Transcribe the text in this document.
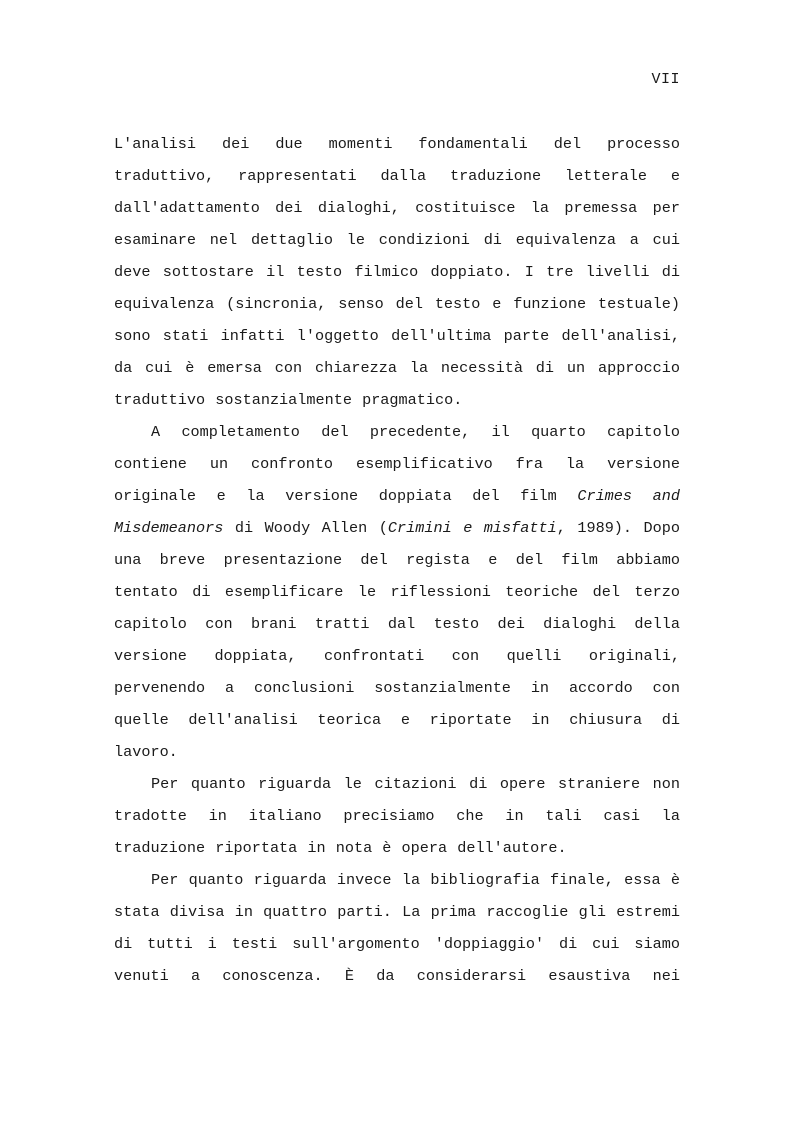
VII

L'analisi dei due momenti fondamentali del processo traduttivo, rappresentati dalla traduzione letterale e dall'adattamento dei dialoghi, costituisce la premessa per esaminare nel dettaglio le condizioni di equivalenza a cui deve sottostare il testo filmico doppiato. I tre livelli di equivalenza (sincronia, senso del testo e funzione testuale) sono stati infatti l'oggetto dell'ultima parte dell'analisi, da cui è emersa con chiarezza la necessità di un approccio traduttivo sostanzialmente pragmatico.

A completamento del precedente, il quarto capitolo contiene un confronto esemplificativo fra la versione originale e la versione doppiata del film Crimes and Misdemeanors di Woody Allen (Crimini e misfatti, 1989). Dopo una breve presentazione del regista e del film abbiamo tentato di esemplificare le riflessioni teoriche del terzo capitolo con brani tratti dal testo dei dialoghi della versione doppiata, confrontati con quelli originali, pervenendo a conclusioni sostanzialmente in accordo con quelle dell'analisi teorica e riportate in chiusura di lavoro.

Per quanto riguarda le citazioni di opere straniere non tradotte in italiano precisiamo che in tali casi la traduzione riportata in nota è opera dell'autore.

Per quanto riguarda invece la bibliografia finale, essa è stata divisa in quattro parti. La prima raccoglie gli estremi di tutti i testi sull'argomento 'doppiaggio' di cui siamo venuti a conoscenza. È da considerarsi esaustiva nei
